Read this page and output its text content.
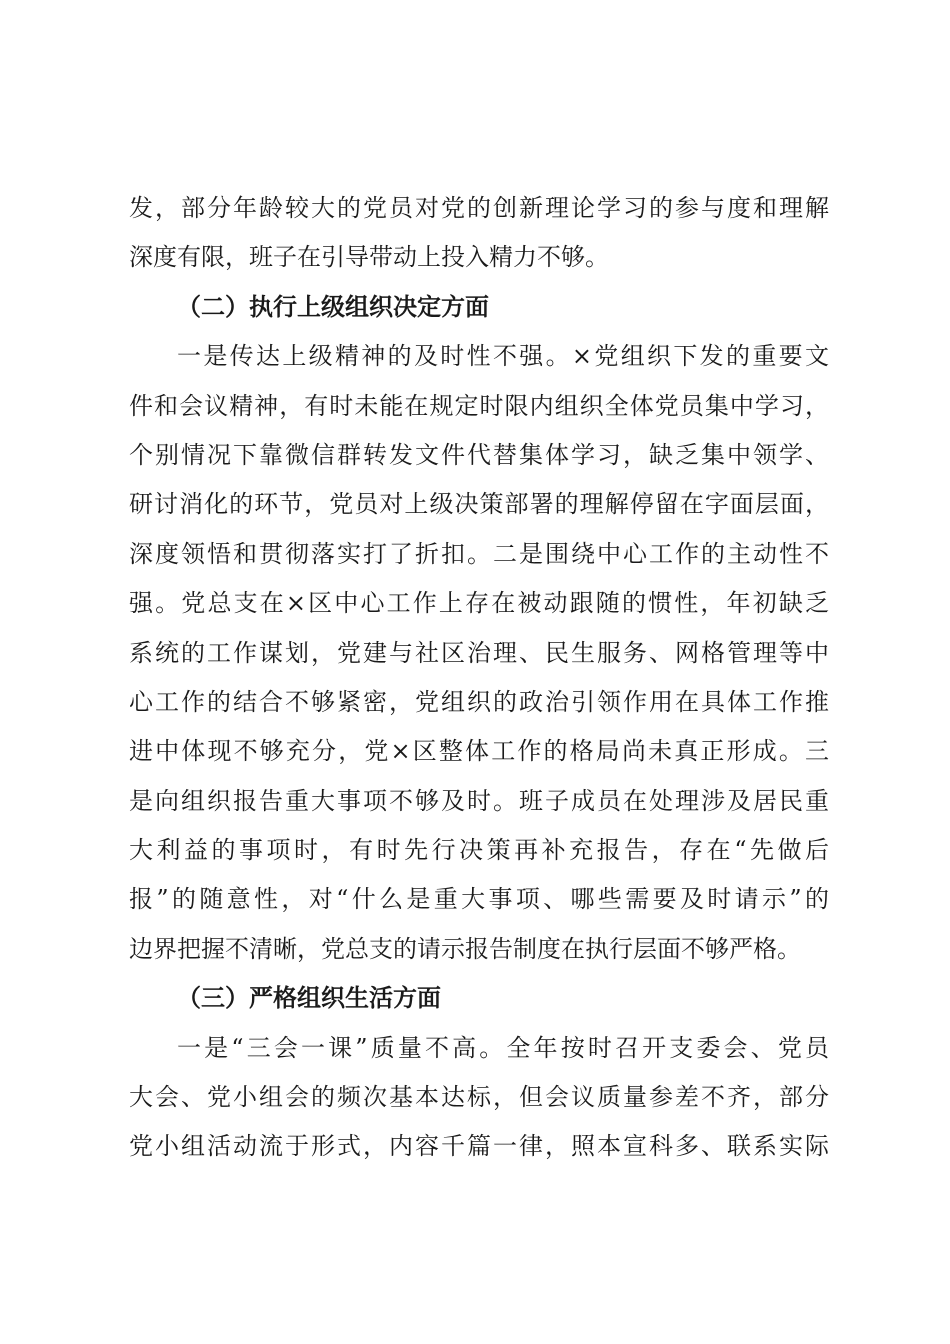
发，部分年龄较大的党员对党的创新理论学习的参与度和理解
深度有限，班子在引导带动上投入精力不够。
（二）执行上级组织决定方面
一是传达上级精神的及时性不强。×党组织下发的重要文
件和会议精神，有时未能在规定时限内组织全体党员集中学习，
个别情况下靠微信群转发文件代替集体学习，缺乏集中领学、
研讨消化的环节，党员对上级决策部署的理解停留在字面层面，
深度领悟和贯彻落实打了折扣。二是围绕中心工作的主动性不
强。党总支在×区中心工作上存在被动跟随的惯性，年初缺乏
系统的工作谋划，党建与社区治理、民生服务、网格管理等中
心工作的结合不够紧密，党组织的政治引领作用在具体工作推
进中体现不够充分，党×区整体工作的格局尚未真正形成。三
是向组织报告重大事项不够及时。班子成员在处理涉及居民重
大利益的事项时，有时先行决策再补充报告，存在“先做后
报”的随意性，对“什么是重大事项、哪些需要及时请示”的
边界把握不清晰，党总支的请示报告制度在执行层面不够严格。
（三）严格组织生活方面
一是“三会一课”质量不高。全年按时召开支委会、党员
大会、党小组会的频次基本达标，但会议质量参差不齐，部分
党小组活动流于形式，内容千篇一律，照本宣科多、联系实际
